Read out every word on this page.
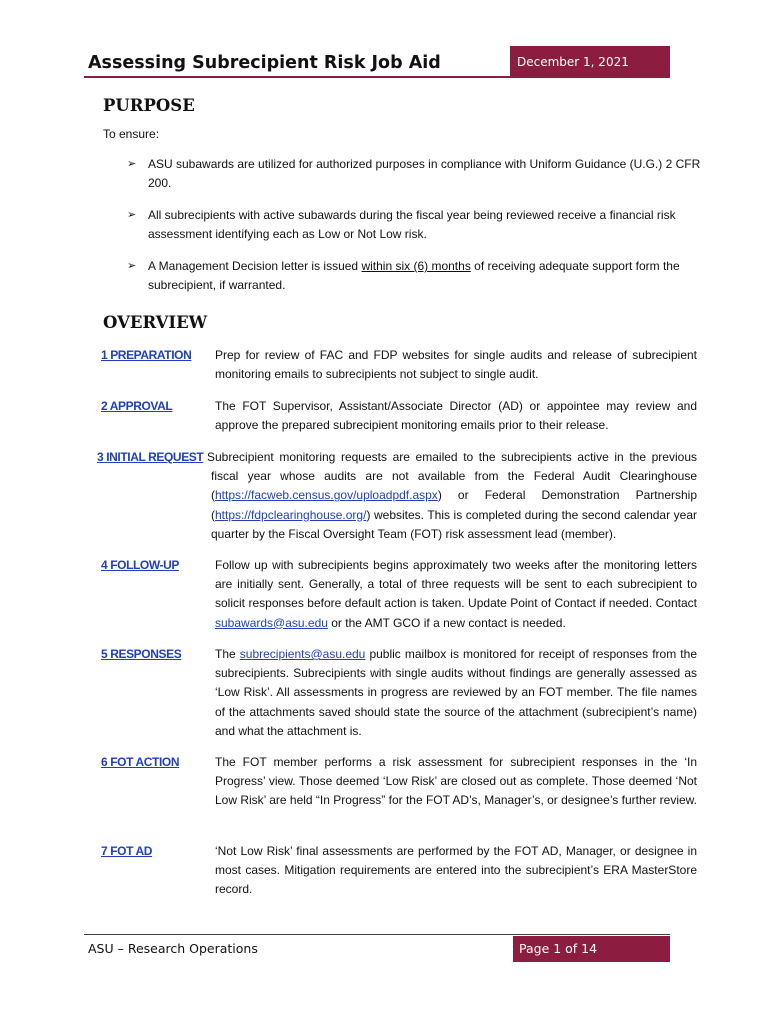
Assessing Subrecipient Risk Job Aid	December 1, 2021
PURPOSE
To ensure:
➢ ASU subawards are utilized for authorized purposes in compliance with Uniform Guidance (U.G.) 2 CFR 200.
➢ All subrecipients with active subawards during the fiscal year being reviewed receive a financial risk assessment identifying each as Low or Not Low risk.
➢ A Management Decision letter is issued within six (6) months of receiving adequate support form the subrecipient, if warranted.
OVERVIEW
1 PREPARATION Prep for review of FAC and FDP websites for single audits and release of subrecipient monitoring emails to subrecipients not subject to single audit.
2 APPROVAL	The FOT Supervisor, Assistant/Associate Director (AD) or appointee may review and approve the prepared subrecipient monitoring emails prior to their release.
3 INITIAL REQUEST Subrecipient monitoring requests are emailed to the subrecipients active in the previous fiscal year whose audits are not available from the Federal Audit Clearinghouse (https://facweb.census.gov/uploadpdf.aspx) or Federal Demonstration Partnership (https://fdpclearinghouse.org/) websites. This is completed during the second calendar year quarter by the Fiscal Oversight Team (FOT) risk assessment lead (member).
4 FOLLOW-UP	Follow up with subrecipients begins approximately two weeks after the monitoring letters are initially sent. Generally, a total of three requests will be sent to each subrecipient to solicit responses before default action is taken. Update Point of Contact if needed. Contact subawards@asu.edu or the AMT GCO if a new contact is needed.
5 RESPONSES	The subrecipients@asu.edu public mailbox is monitored for receipt of responses from the subrecipients. Subrecipients with single audits without findings are generally assessed as ‘Low Risk’. All assessments in progress are reviewed by an FOT member. The file names of the attachments saved should state the source of the attachment (subrecipient’s name) and what the attachment is.
6 FOT ACTION	The FOT member performs a risk assessment for subrecipient responses in the ‘In Progress’ view. Those deemed ‘Low Risk’ are closed out as complete. Those deemed ‘Not Low Risk’ are held “In Progress” for the FOT AD’s, Manager’s, or designee’s further review.
7 FOT AD	‘Not Low Risk’ final assessments are performed by the FOT AD, Manager, or designee in most cases. Mitigation requirements are entered into the subrecipient’s ERA MasterStore record.
ASU – Research Operations	Page 1 of 14
